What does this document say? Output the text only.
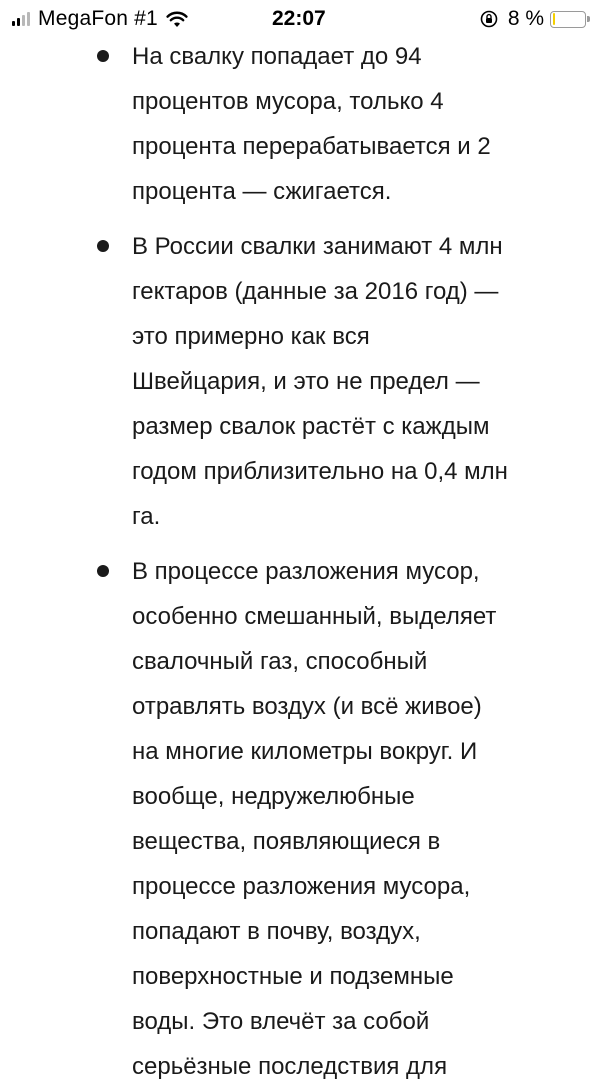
MegaFon #1	22:07	8 %
На свалку попадает до 94
процентов мусора, только 4
процента перерабатывается и 2
процента — сжигается.
В России свалки занимают 4 млн
гектаров (данные за 2016 год) —
это примерно как вся
Швейцария, и это не предел —
размер свалок растёт с каждым
годом приблизительно на 0,4 млн
га.
В процессе разложения мусор,
особенно смешанный, выделяет
свалочный газ, способный
отравлять воздух (и всё живое)
на многие километры вокруг. И
вообще, недружелюбные
вещества, появляющиеся в
процессе разложения мусора,
попадают в почву, воздух,
поверхностные и подземные
воды. Это влечёт за собой
серьёзные последствия для
